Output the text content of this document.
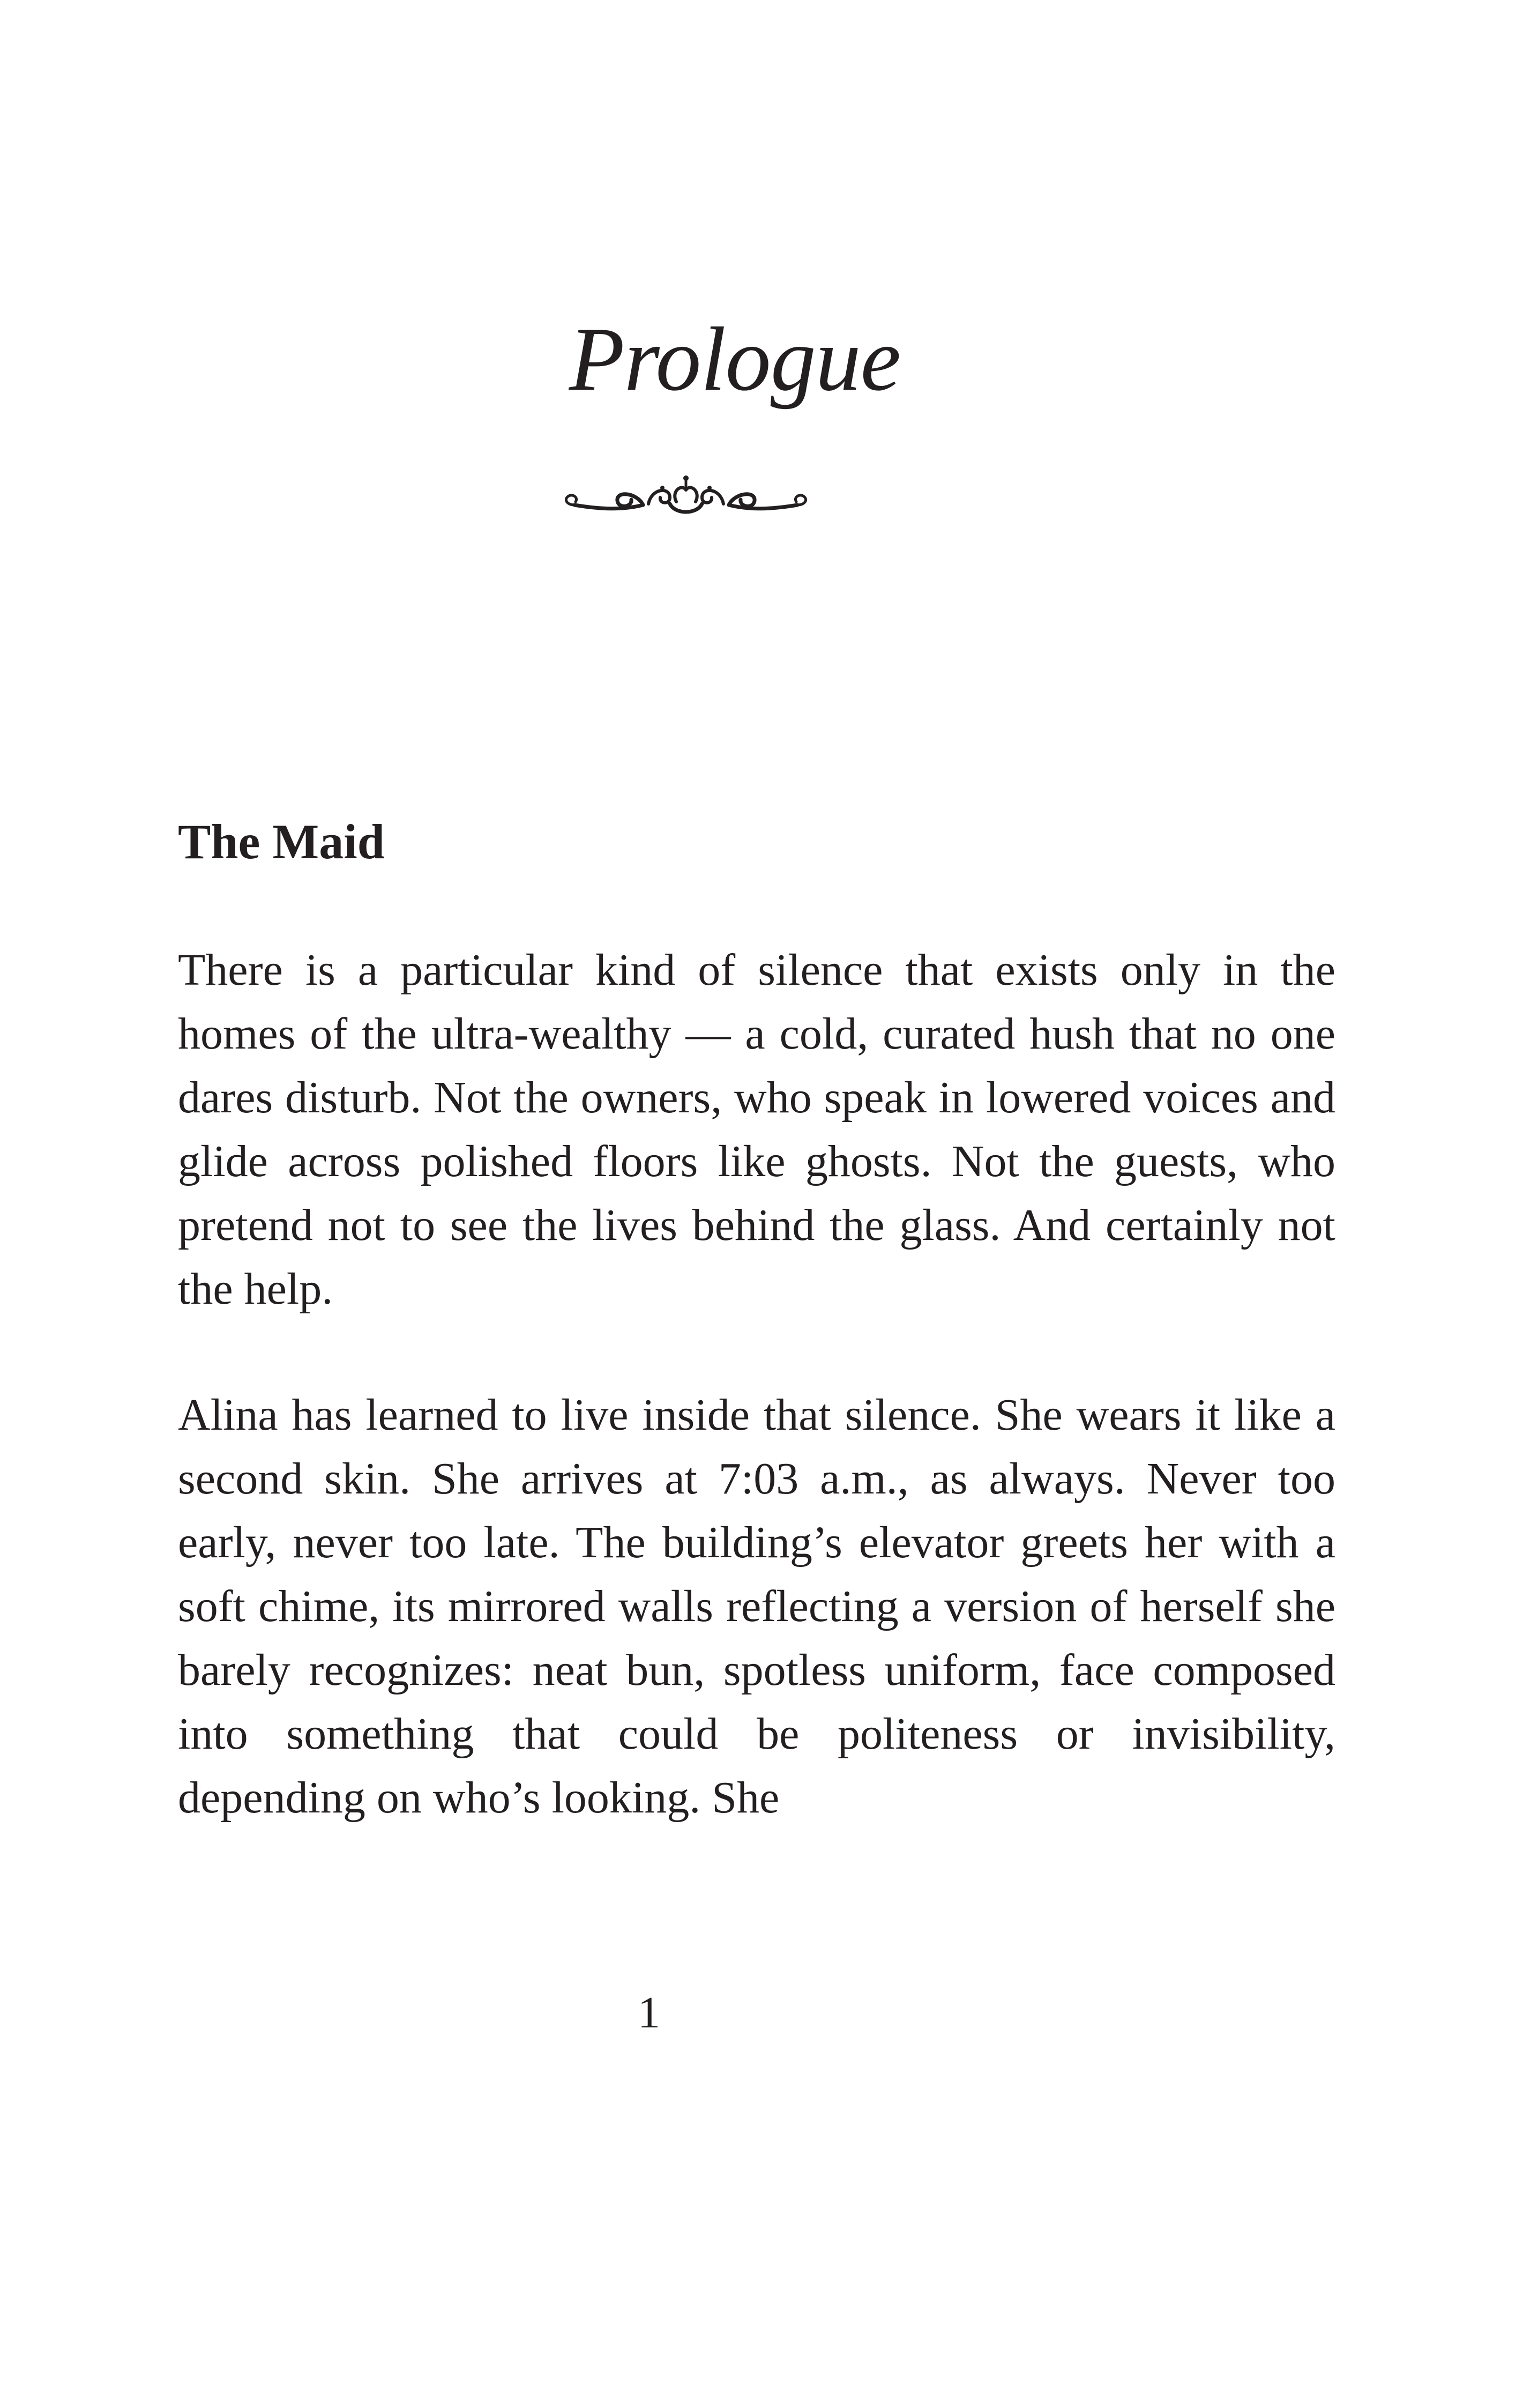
Prologue
The Maid

There is a particular kind of silence that exists only in the homes of the ultra-wealthy — a cold, curated hush that no one dares disturb. Not the owners, who speak in lowered voices and glide across polished floors like ghosts. Not the guests, who pretend not to see the lives behind the glass. And certainly not the help.

Alina has learned to live inside that silence. She wears it like a second skin. She arrives at 7:03 a.m., as always. Never too early, never too late. The building’s elevator greets her with a soft chime, its mirrored walls reflecting a version of herself she barely recognizes: neat bun, spotless uniform, face composed into something that could be politeness or invisibility, depending on who’s looking. She

1
